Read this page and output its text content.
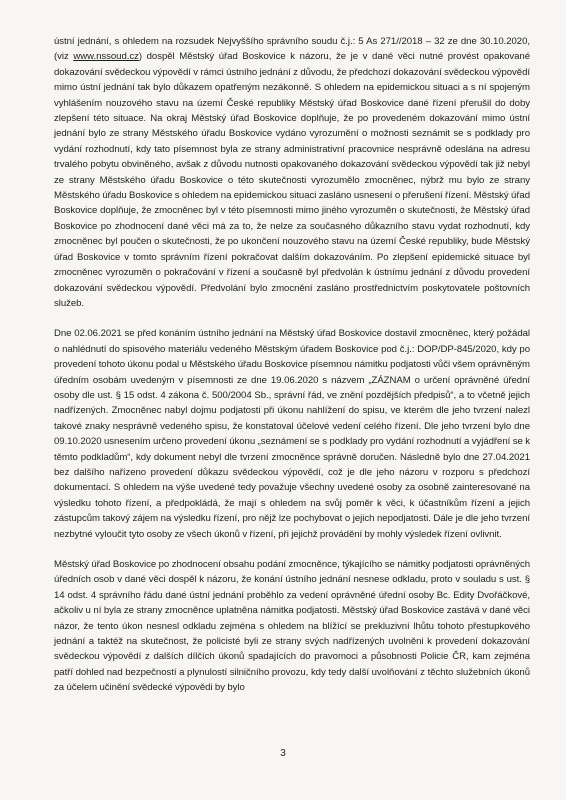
ústní jednání, s ohledem na rozsudek Nejvyššího správního soudu č.j.: 5 As 271//2018 – 32 ze dne 30.10.2020, (viz www.nssoud.cz) dospěl Městský úřad Boskovice k názoru, že je v dané věci nutné provést opakované dokazování svědeckou výpovědí v rámci ústního jednání z důvodu, že předchozí dokazování svědeckou výpovědí mimo ústní jednání tak bylo důkazem opatřeným nezákonně. S ohledem na epidemickou situaci a s ní spojeným vyhlášením nouzového stavu na území České republiky Městský úřad Boskovice dané řízení přerušil do doby zlepšení této situace. Na okraj Městský úřad Boskovice doplňuje, že po provedeném dokazování mimo ústní jednání bylo ze strany Městského úřadu Boskovice vydáno vyrozumění o možnosti seznámit se s podklady pro vydání rozhodnutí, kdy tato písemnost byla ze strany administrativní pracovnice nesprávně odeslána na adresu trvalého pobytu obviněného, avšak z důvodu nutnosti opakovaného dokazování svědeckou výpovědí tak již nebyl ze strany Městského úřadu Boskovice o této skutečnosti vyrozumělo zmocněnec, nýbrž mu bylo ze strany Městského úřadu Boskovice s ohledem na epidemickou situaci zasláno usnesení o přerušení řízení. Městský úřad Boskovice doplňuje, že zmocněnec byl v této písemnosti mimo jiného vyrozuměn o skutečnosti, že Městský úřad Boskovice po zhodnocení dané věci má za to, že nelze za současného důkazního stavu vydat rozhodnutí, kdy zmocněnec byl poučen o skutečnosti, že po ukončení nouzového stavu na území České republiky, bude Městský úřad Boskovice v tomto správním řízení pokračovat dalším dokazováním. Po zlepšení epidemické situace byl zmocněnec vyrozuměn o pokračování v řízení a současně byl předvolán k ústnímu jednání z důvodu provedení dokazování svědeckou výpovědí. Předvolání bylo zmocnění zasláno prostřednictvím poskytovatele poštovních služeb.

Dne 02.06.2021 se před konáním ústního jednání na Městský úřad Boskovice dostavil zmocněnec, který požádal o nahlédnutí do spisového materiálu vedeného Městským úřadem Boskovice pod č.j.: DOP/DP-845/2020, kdy po provedení tohoto úkonu podal u Městského úřadu Boskovice písemnou námitku podjatosti vůči všem oprávněným úředním osobám uvedeným v písemnosti ze dne 19.06.2020 s názvem „ZÁZNAM o určení oprávněné úřední osoby dle ust. § 15 odst. 4 zákona č. 500/2004 Sb., správní řád, ve znění pozdějších předpisů“, a to včetně jejich nadřízených. Zmocněnec nabyl dojmu podjatosti při úkonu nahlížení do spisu, ve kterém dle jeho tvrzení nalezl takové znaky nesprávně vedeného spisu, že konstatoval účelové vedení celého řízení. Dle jeho tvrzení bylo dne 09.10.2020 usnesením určeno provedení úkonu „seznámení se s podklady pro vydání rozhodnutí a vyjádření se k těmto podkladům“, kdy dokument nebyl dle tvrzení zmocněnce správně doručen. Následně bylo dne 27.04.2021 bez dalšího nařízeno provedení důkazu svědeckou výpovědí, což je dle jeho názoru v rozporu s předchozí dokumentací. S ohledem na výše uvedené tedy považuje všechny uvedené osoby za osobně zainteresované na výsledku tohoto řízení, a předpokládá, že mají s ohledem na svůj poměr k věci, k účastníkům řízení a jejich zástupcům takový zájem na výsledku řízení, pro nějž lze pochybovat o jejich nepodjatosti. Dále je dle jeho tvrzení nezbytné vyloučit tyto osoby ze všech úkonů v řízení, při jejichž provádění by mohly výsledek řízení ovlivnit.

Městský úřad Boskovice po zhodnocení obsahu podání zmocněnce, týkajícího se námitky podjatosti oprávněných úředních osob v dané věci dospěl k názoru, že konání ústního jednání nesnese odkladu, proto v souladu s ust. § 14 odst. 4 správního řádu dané ústní jednání proběhlo za vedení oprávněné úřední osoby Bc. Edity Dvořáčkové, ačkoliv u ní byla ze strany zmocněnce uplatněna námitka podjatosti. Městský úřad Boskovice zastává v dané věci názor, že tento úkon nesnesl odkladu zejména s ohledem na blížící se prekluzivní lhůtu tohoto přestupkového jednání a taktéž na skutečnost, že policisté byli ze strany svých nadřízených uvolněni k provedení dokazování svědeckou výpovědí z dalších dílčích úkonů spadajících do pravomoci a působnosti Policie ČR, kam zejména patří dohled nad bezpečností a plynulostí silničního provozu, kdy tedy další uvolňování z těchto služebních úkonů za účelem učinění svědecké výpovědi by bylo

3
